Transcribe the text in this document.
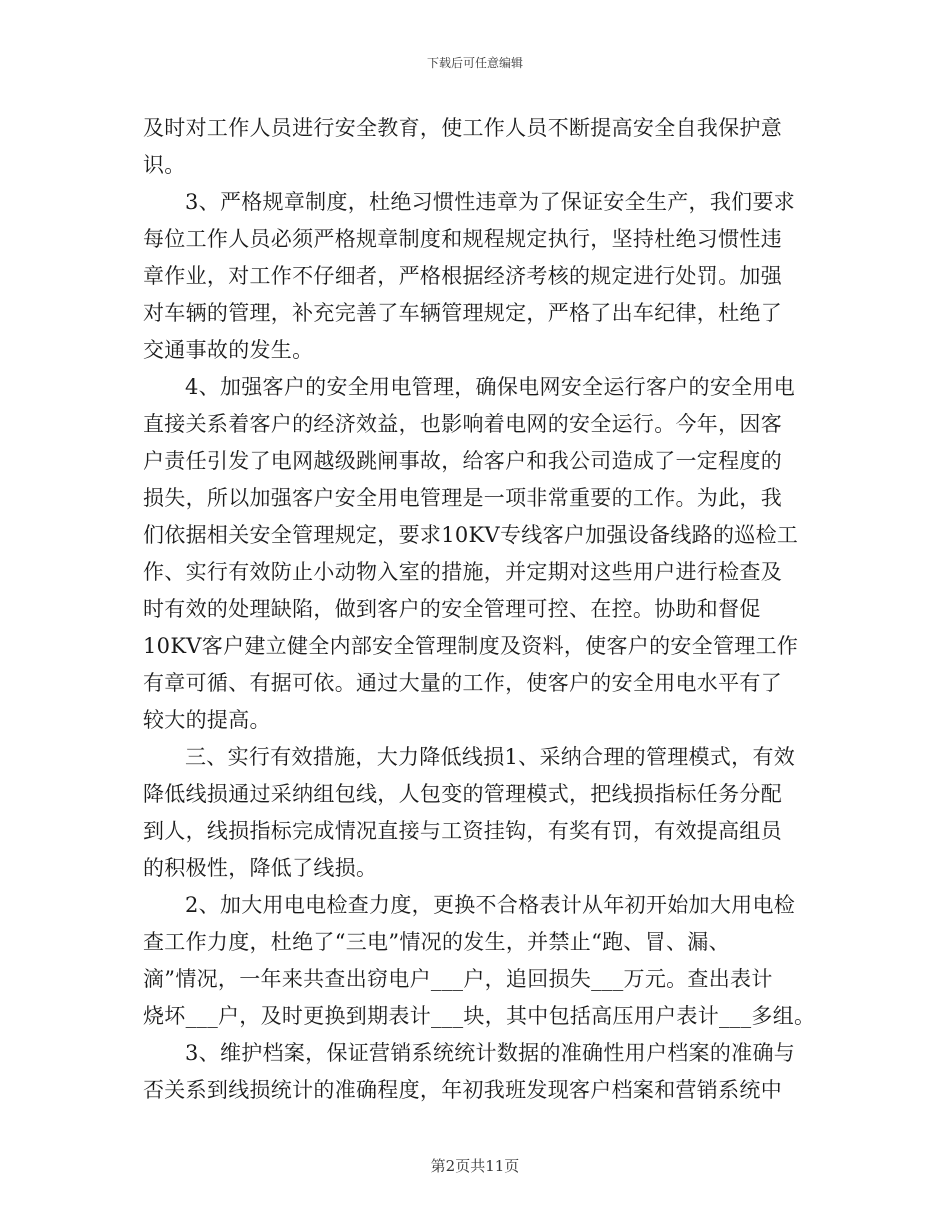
下载后可任意编辑
及时对工作人员进行安全教育，使工作人员不断提高安全自我保护意
识。
3、严格规章制度，杜绝习惯性违章为了保证安全生产，我们要求
每位工作人员必须严格规章制度和规程规定执行，坚持杜绝习惯性违
章作业，对工作不仔细者，严格根据经济考核的规定进行处罚。加强
对车辆的管理，补充完善了车辆管理规定，严格了出车纪律，杜绝了
交通事故的发生。
4、加强客户的安全用电管理，确保电网安全运行客户的安全用电
直接关系着客户的经济效益，也影响着电网的安全运行。今年，因客
户责任引发了电网越级跳闸事故，给客户和我公司造成了一定程度的
损失，所以加强客户安全用电管理是一项非常重要的工作。为此，我
们依据相关安全管理规定，要求10KV专线客户加强设备线路的巡检工
作、实行有效防止小动物入室的措施，并定期对这些用户进行检查及
时有效的处理缺陷，做到客户的安全管理可控、在控。协助和督促
10KV客户建立健全内部安全管理制度及资料，使客户的安全管理工作
有章可循、有据可依。通过大量的工作，使客户的安全用电水平有了
较大的提高。
三、实行有效措施，大力降低线损1、采纳合理的管理模式，有效
降低线损通过采纳组包线，人包变的管理模式，把线损指标任务分配
到人，线损指标完成情况直接与工资挂钩，有奖有罚，有效提高组员
的积极性，降低了线损。
2、加大用电电检查力度，更换不合格表计从年初开始加大用电检
查工作力度，杜绝了“三电”情况的发生，并禁止“跑、冒、漏、
滴”情况，一年来共查出窃电户___户，追回损失___万元。查出表计
烧坏___户，及时更换到期表计___块，其中包括高压用户表计___多组。
3、维护档案，保证营销系统统计数据的准确性用户档案的准确与
否关系到线损统计的准确程度，年初我班发现客户档案和营销系统中
第2页共11页
